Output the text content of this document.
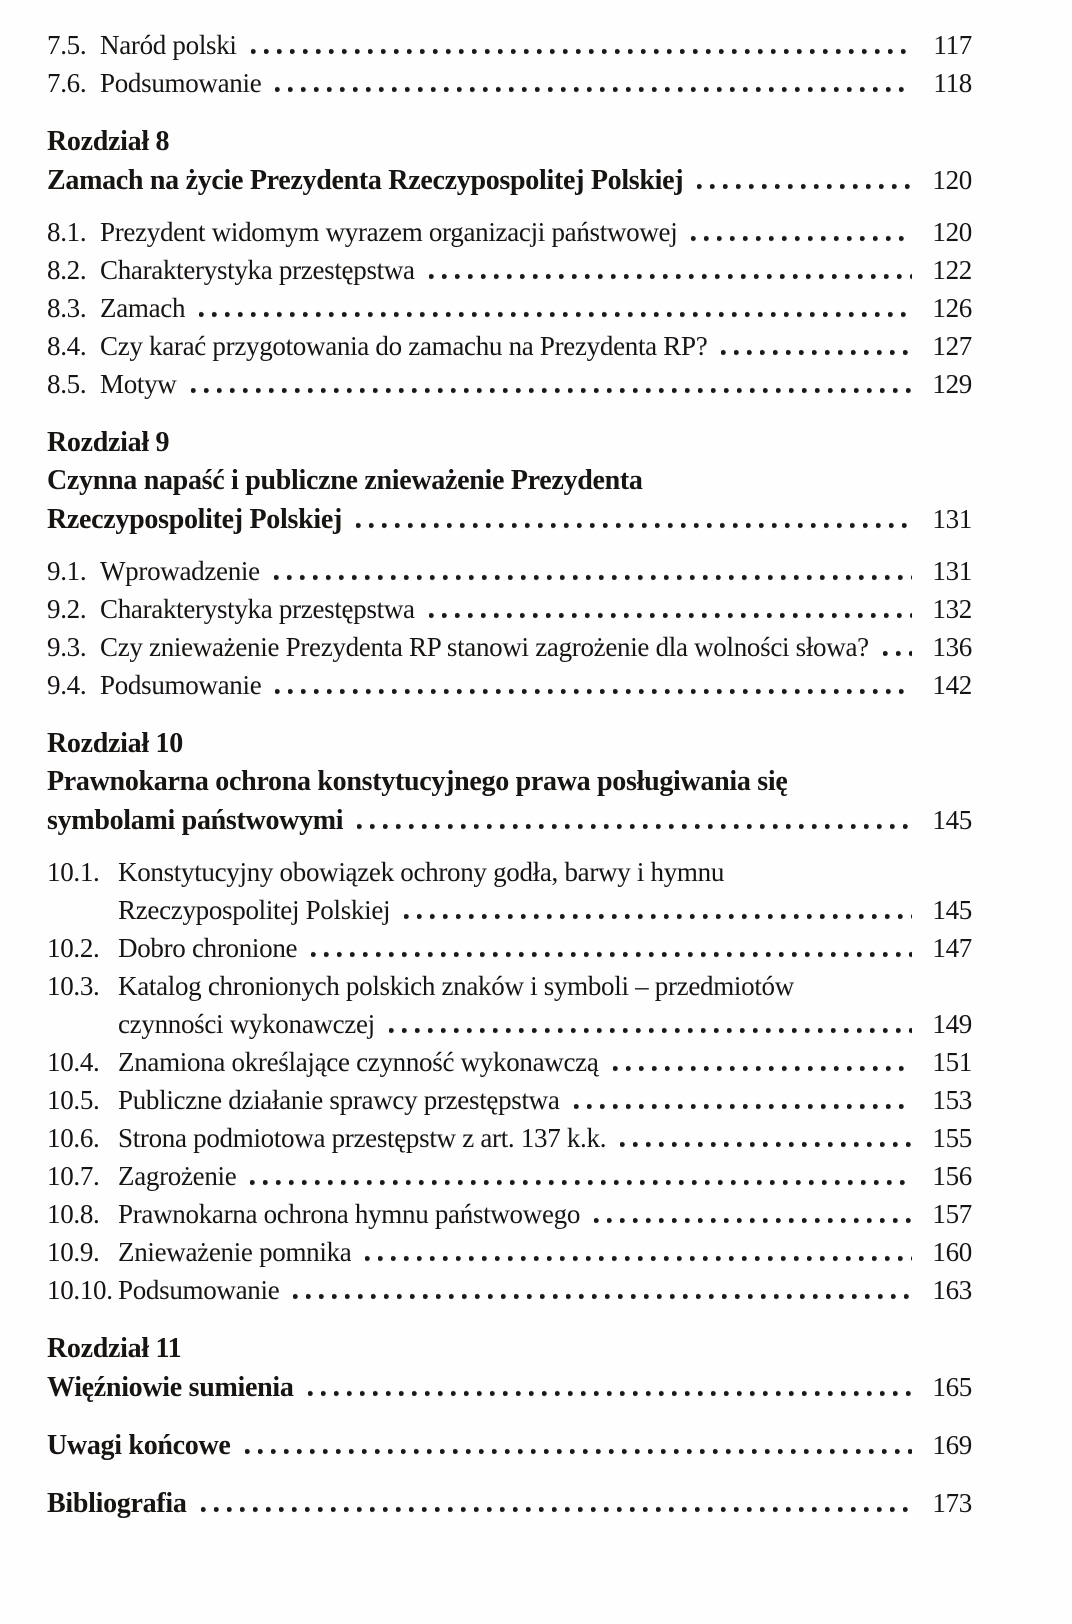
7.5. Naród polski	117
7.6. Podsumowanie	118
Rozdział 8
Zamach na życie Prezydenta Rzeczypospolitej Polskiej	120
8.1. Prezydent widomym wyrazem organizacji państwowej	120
8.2. Charakterystyka przestępstwa	122
8.3. Zamach	126
8.4. Czy karać przygotowania do zamachu na Prezydenta RP?	127
8.5. Motyw	129
Rozdział 9
Czynna napaść i publiczne znieważenie Prezydenta
Rzeczypospolitej Polskiej	131
9.1. Wprowadzenie	131
9.2. Charakterystyka przestępstwa	132
9.3. Czy znieważenie Prezydenta RP stanowi zagrożenie dla wolności słowa?	136
9.4. Podsumowanie	142
Rozdział 10
Prawnokarna ochrona konstytucyjnego prawa posługiwania się
symbolami państwowymi	145
10.1. Konstytucyjny obowiązek ochrony godła, barwy i hymnu
Rzeczypospolitej Polskiej	145
10.2. Dobro chronione	147
10.3. Katalog chronionych polskich znaków i symboli – przedmiotów
czynności wykonawczej	149
10.4. Znamiona określające czynność wykonawczą	151
10.5. Publiczne działanie sprawcy przestępstwa	153
10.6. Strona podmiotowa przestępstw z art. 137 k.k.	155
10.7. Zagrożenie	156
10.8. Prawnokarna ochrona hymnu państwowego	157
10.9. Znieważenie pomnika	160
10.10. Podsumowanie	163
Rozdział 11
Więźniowie sumienia	165
Uwagi końcowe	169
Bibliografia	173
